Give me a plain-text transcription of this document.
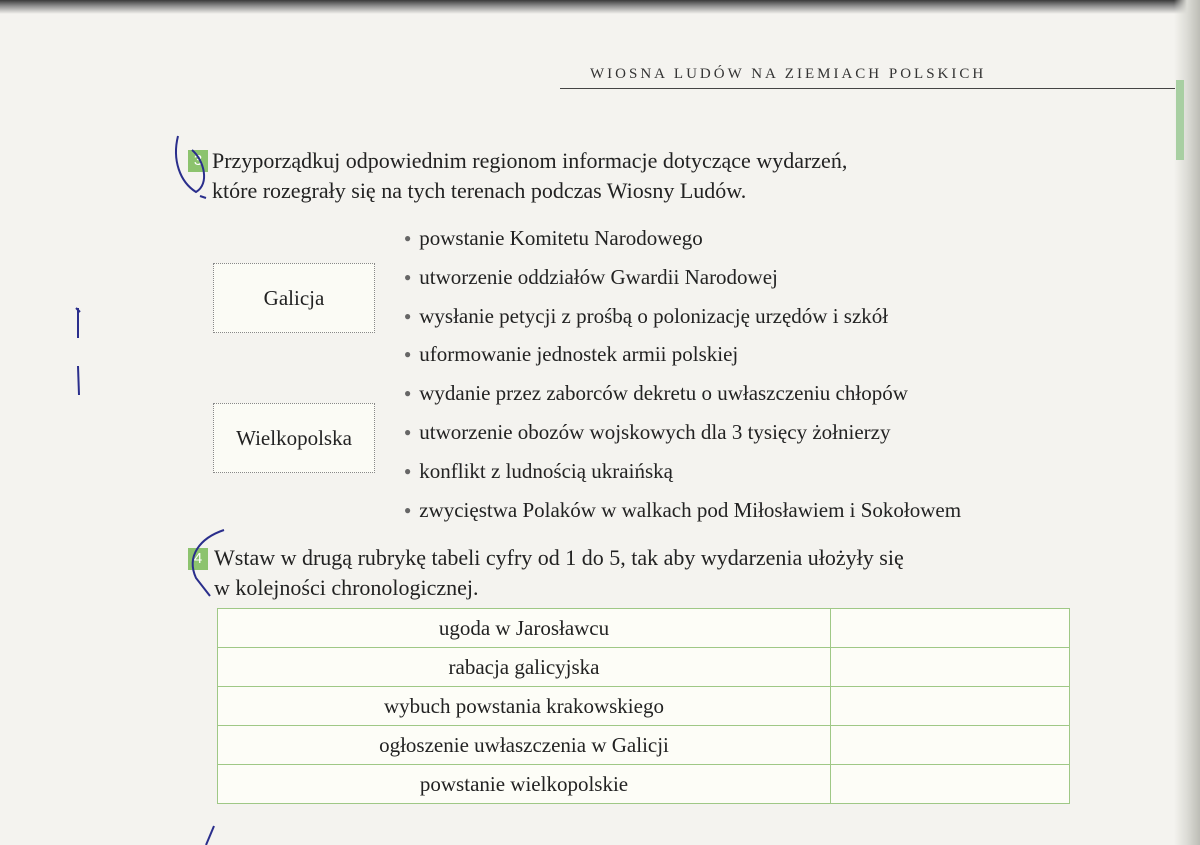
WIOSNA LUDÓW NA ZIEMIACH POLSKICH
3 Przyporządkuj odpowiednim regionom informacje dotyczące wydarzeń,
które rozegrały się na tych terenach podczas Wiosny Ludów.
Galicja
Wielkopolska
● powstanie Komitetu Narodowego
● utworzenie oddziałów Gwardii Narodowej
● wysłanie petycji z prośbą o polonizację urzędów i szkół
● uformowanie jednostek armii polskiej
● wydanie przez zaborców dekretu o uwłaszczeniu chłopów
● utworzenie obozów wojskowych dla 3 tysięcy żołnierzy
● konflikt z ludnością ukraińską
● zwycięstwa Polaków w walkach pod Miłosławiem i Sokołowem
4 Wstaw w drugą rubrykę tabeli cyfry od 1 do 5, tak aby wydarzenia ułożyły się
w kolejności chronologicznej.
ugoda w Jarosławcu	
rabacja galicyjska	
wybuch powstania krakowskiego	
ogłoszenie uwłaszczenia w Galicji	
powstanie wielkopolskie	
